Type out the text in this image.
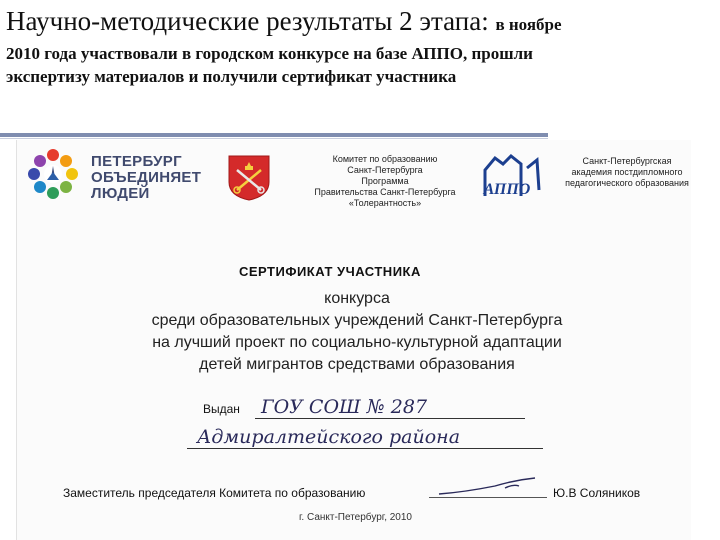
Научно-методические результаты 2 этапа: в ноябре
2010 года участвовали в городском конкурсе на базе АППО, прошли
экспертизу материалов и получили сертификат участника
ПЕТЕРБУРГ
ОБЪЕДИНЯЕТ
ЛЮДЕЙ
Комитет по образованию
Санкт-Петербурга
Программа
Правительства Санкт-Петербурга
«Толерантность»
АППО
Санкт-Петербургская
академия постдипломного
педагогического образования
СЕРТИФИКАТ УЧАСТНИКА
конкурса
среди образовательных учреждений Санкт-Петербурга
на лучший проект по социально-культурной адаптации
детей мигрантов средствами образования
Выдан	ГОУ СОШ № 287
Адмиралтейского района
Заместитель председателя Комитета по образованию	Ю.В Соляников
г. Санкт-Петербург, 2010
